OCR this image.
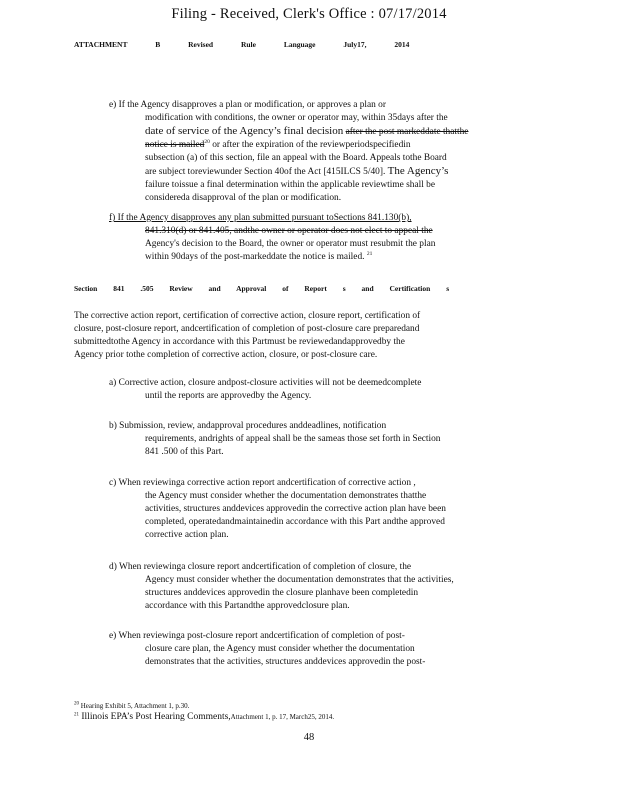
Filing - Received, Clerk's Office : 07/17/2014
ATTACHMENT B Revised Rule Language July17, 2014
e) If the Agency disapproves a plan or modification, or approves a plan or
modification with conditions, the owner or operator may, within 35days after the
date of service of the Agency’s final decision after the post markeddate thatthe
notice is mailed$^{20}$ or after the expiration of the reviewperiodspecifiedin
subsection (a) of this section, file an appeal with the Board. Appeals tothe Board
are subject toreviewunder Section 40of the Act [415ILCS 5/40]. The Agency’s
failure toissue a final determination within the applicable reviewtime shall be
considereda disapproval of the plan or modification.
f) If the Agency disapproves any plan submitted pursuant toSections 841.130(b),
841.310(d) or 841.405, andthe owner or operator does not elect to appeal the
Agency's decision to the Board, the owner or operator must resubmit the plan
within 90days of the post-markeddate the notice is mailed. $^{21}$
Section 841 .505 Review and Approval of Report s and Certification s
The corrective action report, certification of corrective action, closure report, certification of
closure, post-closure report, andcertification of completion of post-closure care preparedand
submittedtothe Agency in accordance with this Partmust be reviewedandapprovedby the
Agency prior tothe completion of corrective action, closure, or post-closure care.
a) Corrective action, closure andpost-closure activities will not be deemedcomplete
until the reports are approvedby the Agency.
b) Submission, review, andapproval procedures anddeadlines, notification
requirements, andrights of appeal shall be the sameas those set forth in Section
841 .500 of this Part.
c) When reviewinga corrective action report andcertification of corrective action ,
the Agency must consider whether the documentation demonstrates thatthe
activities, structures anddevices approvedin the corrective action plan have been
completed, operatedandmaintainedin accordance with this Part andthe approved
corrective action plan.
d) When reviewinga closure report andcertification of completion of closure, the
Agency must consider whether the documentation demonstrates that the activities,
structures anddevices approvedin the closure planhave been completedin
accordance with this Partandthe approvedclosure plan.
e) When reviewinga post-closure report andcertification of completion of post-
closure care plan, the Agency must consider whether the documentation
demonstrates that the activities, structures anddevices approvedin the post-
$^{20}$ Hearing Exhibit 5, Attachment 1, p.30.
$^{21}$ Illinois EPA’s Post Hearing Comments,Attachment 1, p. 17, March25, 2014.
48
